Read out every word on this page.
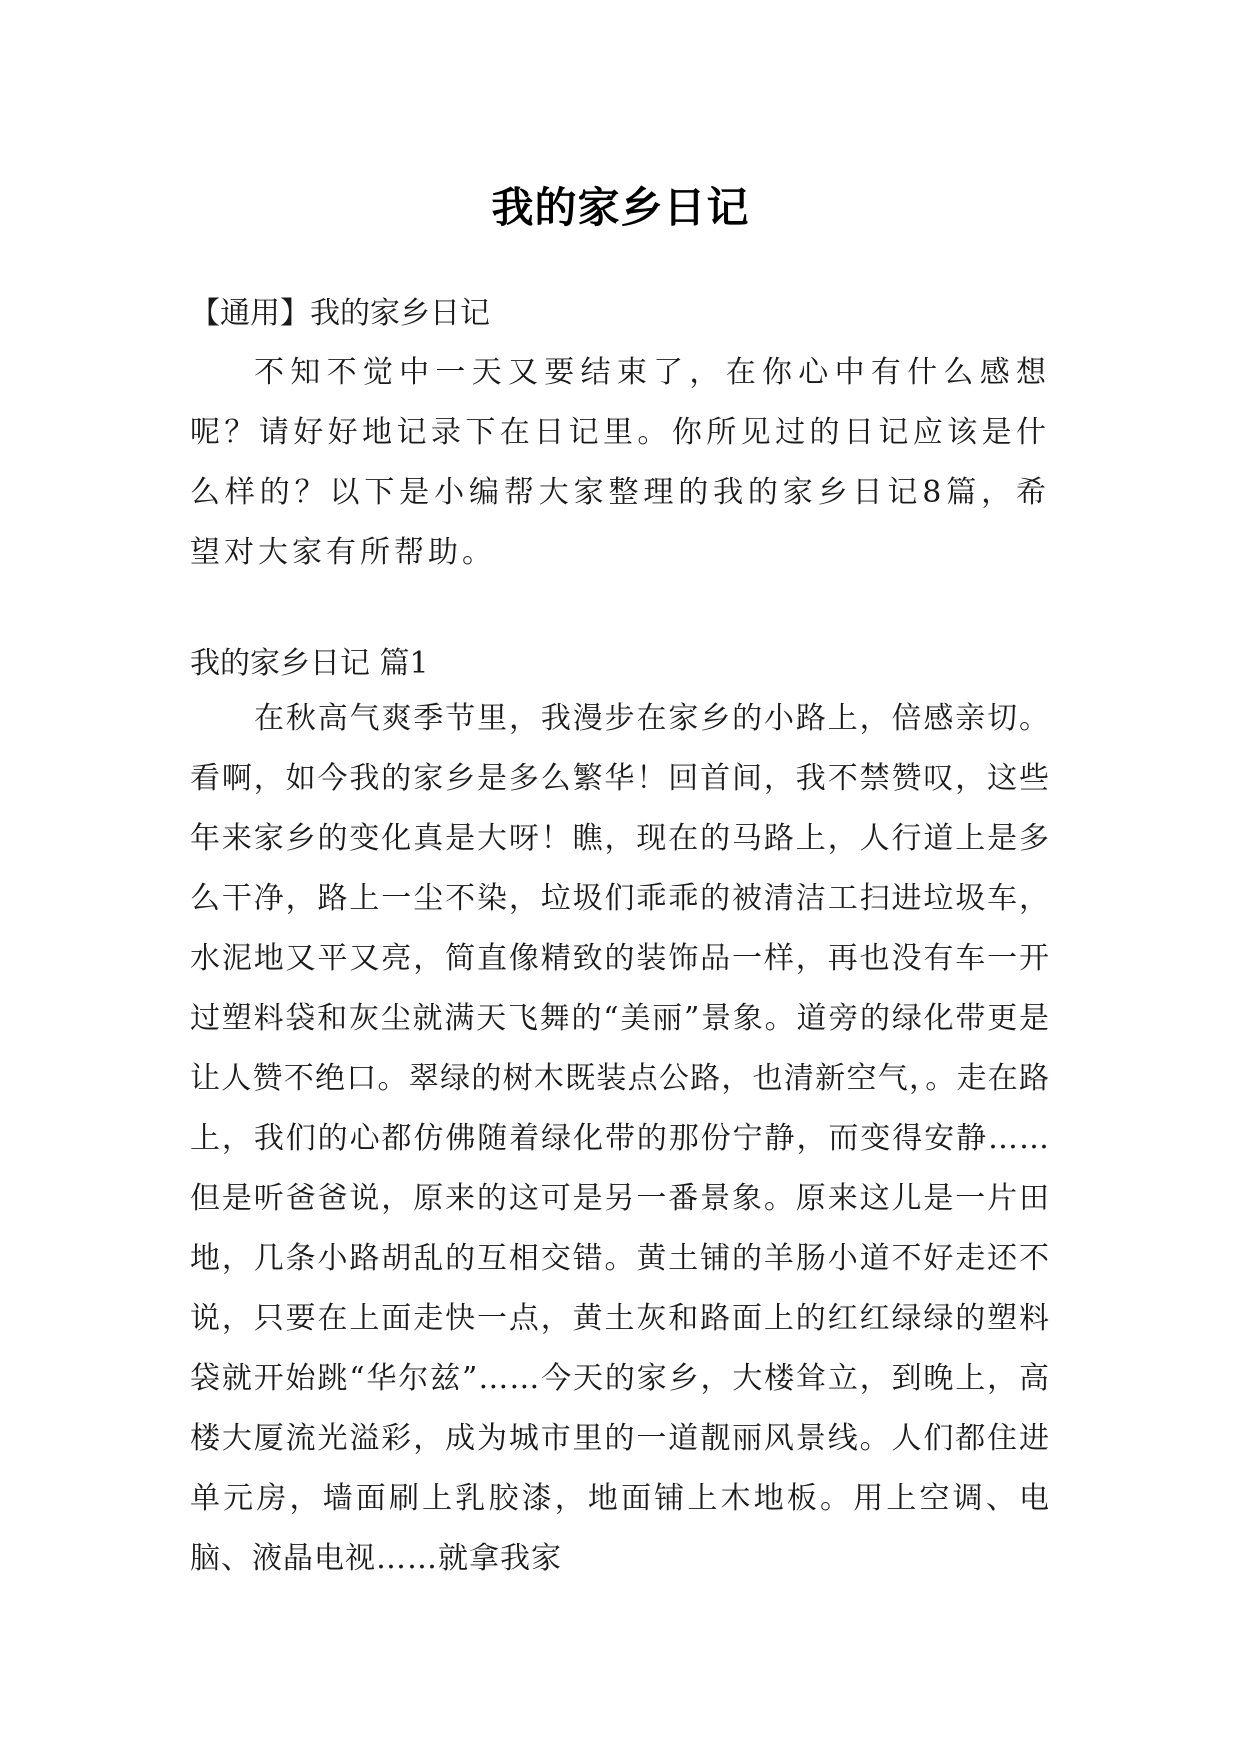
我的家乡日记
【通用】我的家乡日记

不知不觉中一天又要结束了，在你心中有什么感想呢？请好好地记录下在日记里。你所见过的日记应该是什么样的？以下是小编帮大家整理的我的家乡日记8篇，希望对大家有所帮助。

我的家乡日记 篇1

在秋高气爽季节里，我漫步在家乡的小路上，倍感亲切。看啊，如今我的家乡是多么繁华！回首间，我不禁赞叹，这些年来家乡的变化真是大呀！瞧，现在的马路上，人行道上是多么干净，路上一尘不染，垃圾们乖乖的被清洁工扫进垃圾车，水泥地又平又亮，简直像精致的装饰品一样，再也没有车一开过塑料袋和灰尘就满天飞舞的“美丽”景象。道旁的绿化带更是让人赞不绝口。翠绿的树木既装点公路，也清新空气，。走在路上，我们的心都仿佛随着绿化带的那份宁静，而变得安静……但是听爸爸说，原来的这可是另一番景象。原来这儿是一片田地，几条小路胡乱的互相交错。黄土铺的羊肠小道不好走还不说，只要在上面走快一点，黄土灰和路面上的红红绿绿的塑料袋就开始跳“华尔兹”……今天的家乡，大楼耸立，到晚上，高楼大厦流光溢彩，成为城市里的一道靓丽风景线。人们都住进单元房，墙面刷上乳胶漆，地面铺上木地板。用上空调、电脑、液晶电视……就拿我家
